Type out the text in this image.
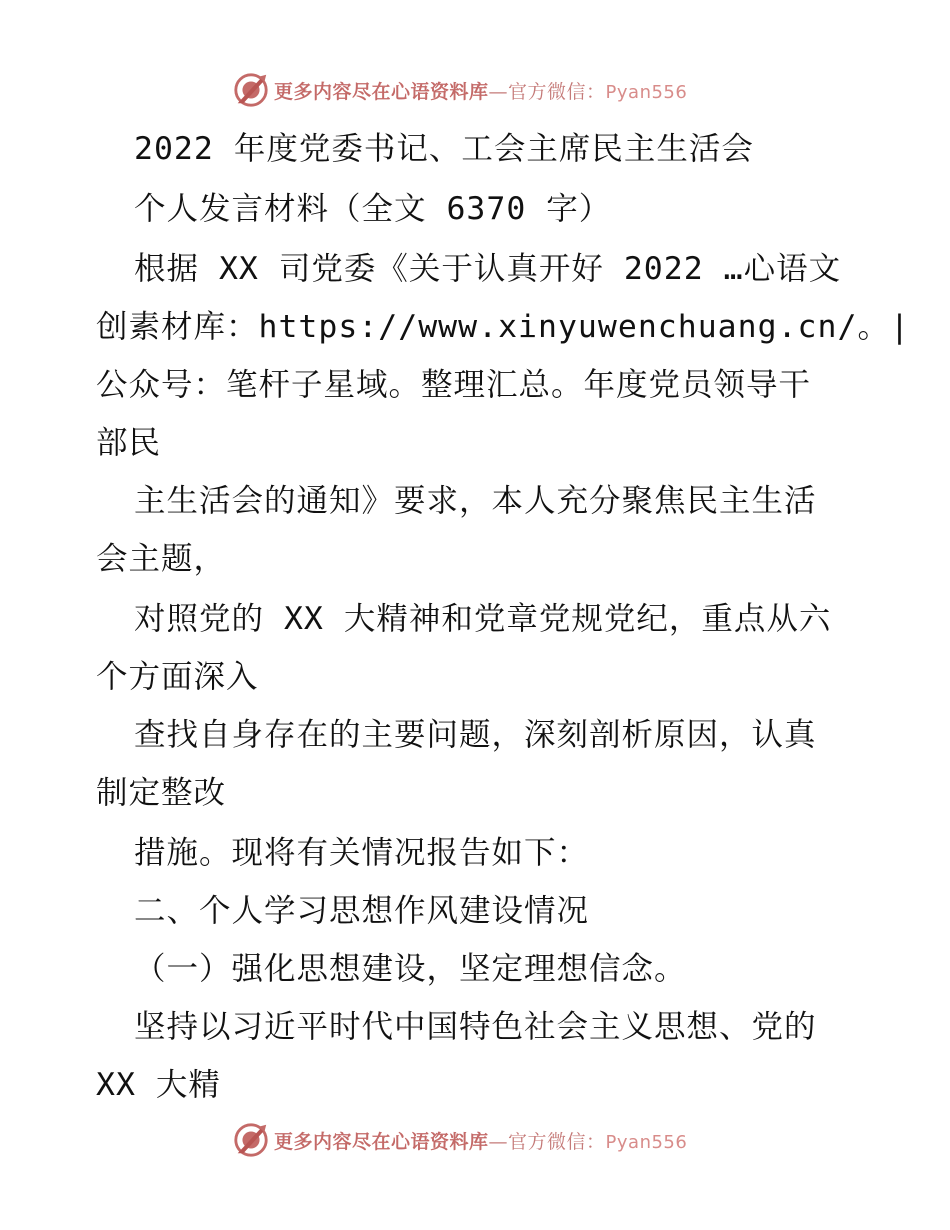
更多内容尽在心语资料库—官方微信：Pyan556
2022 年度党委书记、工会主席民主生活会
个人发言材料（全文 6370 字）
根据 XX 司党委《关于认真开好 2022 …心语文
创素材库：https://www.xinyuwenchuang.cn/。|
公众号：笔杆子星域。整理汇总。年度党员领导干
部民
主生活会的通知》要求，本人充分聚焦民主生活
会主题，
对照党的 XX 大精神和党章党规党纪，重点从六
个方面深入
查找自身存在的主要问题，深刻剖析原因，认真
制定整改
措施。现将有关情况报告如下：
二、个人学习思想作风建设情况
（一）强化思想建设，坚定理想信念。
坚持以习近平时代中国特色社会主义思想、党的
XX 大精
更多内容尽在心语资料库—官方微信：Pyan556
